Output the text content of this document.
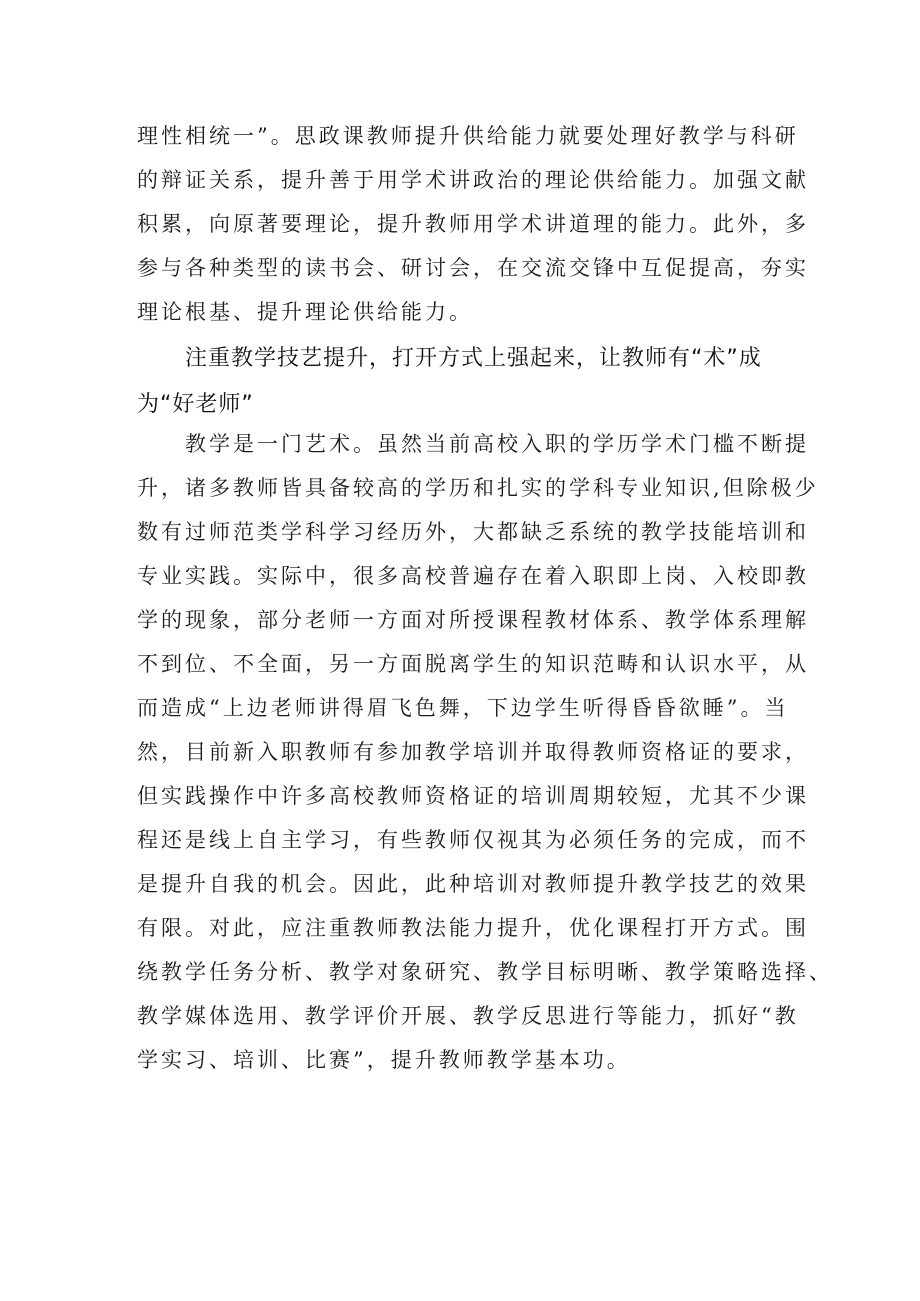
理性相统一”。思政课教师提升供给能力就要处理好教学与科研
的辩证关系，提升善于用学术讲政治的理论供给能力。加强文献
积累，向原著要理论，提升教师用学术讲道理的能力。此外，多
参与各种类型的读书会、研讨会，在交流交锋中互促提高，夯实
理论根基、提升理论供给能力。
注重教学技艺提升，打开方式上强起来，让教师有“术”成
为“好老师”
教学是一门艺术。虽然当前高校入职的学历学术门槛不断提
升，诸多教师皆具备较高的学历和扎实的学科专业知识,但除极少
数有过师范类学科学习经历外，大都缺乏系统的教学技能培训和
专业实践。实际中，很多高校普遍存在着入职即上岗、入校即教
学的现象，部分老师一方面对所授课程教材体系、教学体系理解
不到位、不全面，另一方面脱离学生的知识范畴和认识水平，从
而造成“上边老师讲得眉飞色舞，下边学生听得昏昏欲睡”。当
然，目前新入职教师有参加教学培训并取得教师资格证的要求，
但实践操作中许多高校教师资格证的培训周期较短，尤其不少课
程还是线上自主学习，有些教师仅视其为必须任务的完成，而不
是提升自我的机会。因此，此种培训对教师提升教学技艺的效果
有限。对此，应注重教师教法能力提升，优化课程打开方式。围
绕教学任务分析、教学对象研究、教学目标明晰、教学策略选择、
教学媒体选用、教学评价开展、教学反思进行等能力，抓好“教
学实习、培训、比赛”，提升教师教学基本功。
